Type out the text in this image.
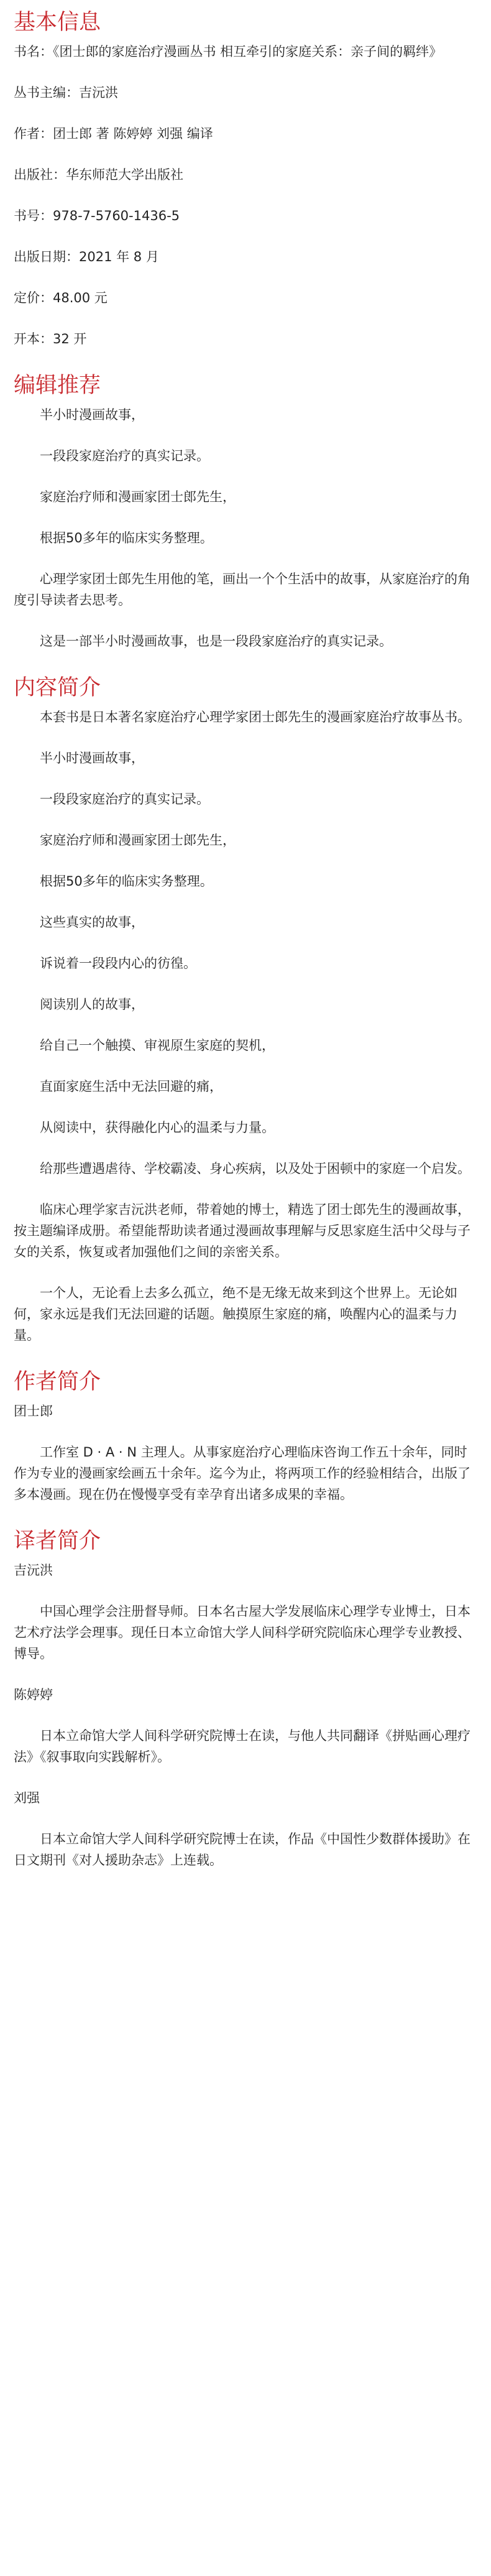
基本信息

书名：《团士郎的家庭治疗漫画丛书 相互牵引的家庭关系：亲子间的羁绊》

丛书主编：吉沅洪

作者：团士郎 著 陈婷婷 刘强 编译

出版社：华东师范大学出版社

书号：978-7-5760-1436-5

出版日期：2021 年 8 月

定价：48.00 元

开本：32 开

编辑推荐

半小时漫画故事，

一段段家庭治疗的真实记录。

家庭治疗师和漫画家团士郎先生，

根据50多年的临床实务整理。

心理学家团士郎先生用他的笔，画出一个个生活中的故事，从家庭治疗的角度引导读者去思考。

这是一部半小时漫画故事，也是一段段家庭治疗的真实记录。

内容简介

本套书是日本著名家庭治疗心理学家团士郎先生的漫画家庭治疗故事丛书。

半小时漫画故事，

一段段家庭治疗的真实记录。

家庭治疗师和漫画家团士郎先生，

根据50多年的临床实务整理。

这些真实的故事，

诉说着一段段内心的彷徨。

阅读别人的故事，

给自己一个触摸、审视原生家庭的契机，

直面家庭生活中无法回避的痛，

从阅读中，获得融化内心的温柔与力量。

给那些遭遇虐待、学校霸凌、身心疾病，以及处于困顿中的家庭一个启发。

临床心理学家吉沅洪老师，带着她的博士，精选了团士郎先生的漫画故事，按主题编译成册。希望能帮助读者通过漫画故事理解与反思家庭生活中父母与子女的关系，恢复或者加强他们之间的亲密关系。

一个人，无论看上去多么孤立，绝不是无缘无故来到这个世界上。无论如何，家永远是我们无法回避的话题。触摸原生家庭的痛，唤醒内心的温柔与力量。

作者简介

团士郎

工作室 D · A · N 主理人。从事家庭治疗心理临床咨询工作五十余年，同时作为专业的漫画家绘画五十余年。迄今为止，将两项工作的经验相结合，出版了多本漫画。现在仍在慢慢享受有幸孕育出诸多成果的幸福。

译者简介

吉沅洪

中国心理学会注册督导师。日本名古屋大学发展临床心理学专业博士，日本艺术疗法学会理事。现任日本立命馆大学人间科学研究院临床心理学专业教授、博导。

陈婷婷

日本立命馆大学人间科学研究院博士在读，与他人共同翻译《拼贴画心理疗法》《叙事取向实践解析》。

刘强

日本立命馆大学人间科学研究院博士在读，作品《中国性少数群体援助》在日文期刊《对人援助杂志》上连载。
